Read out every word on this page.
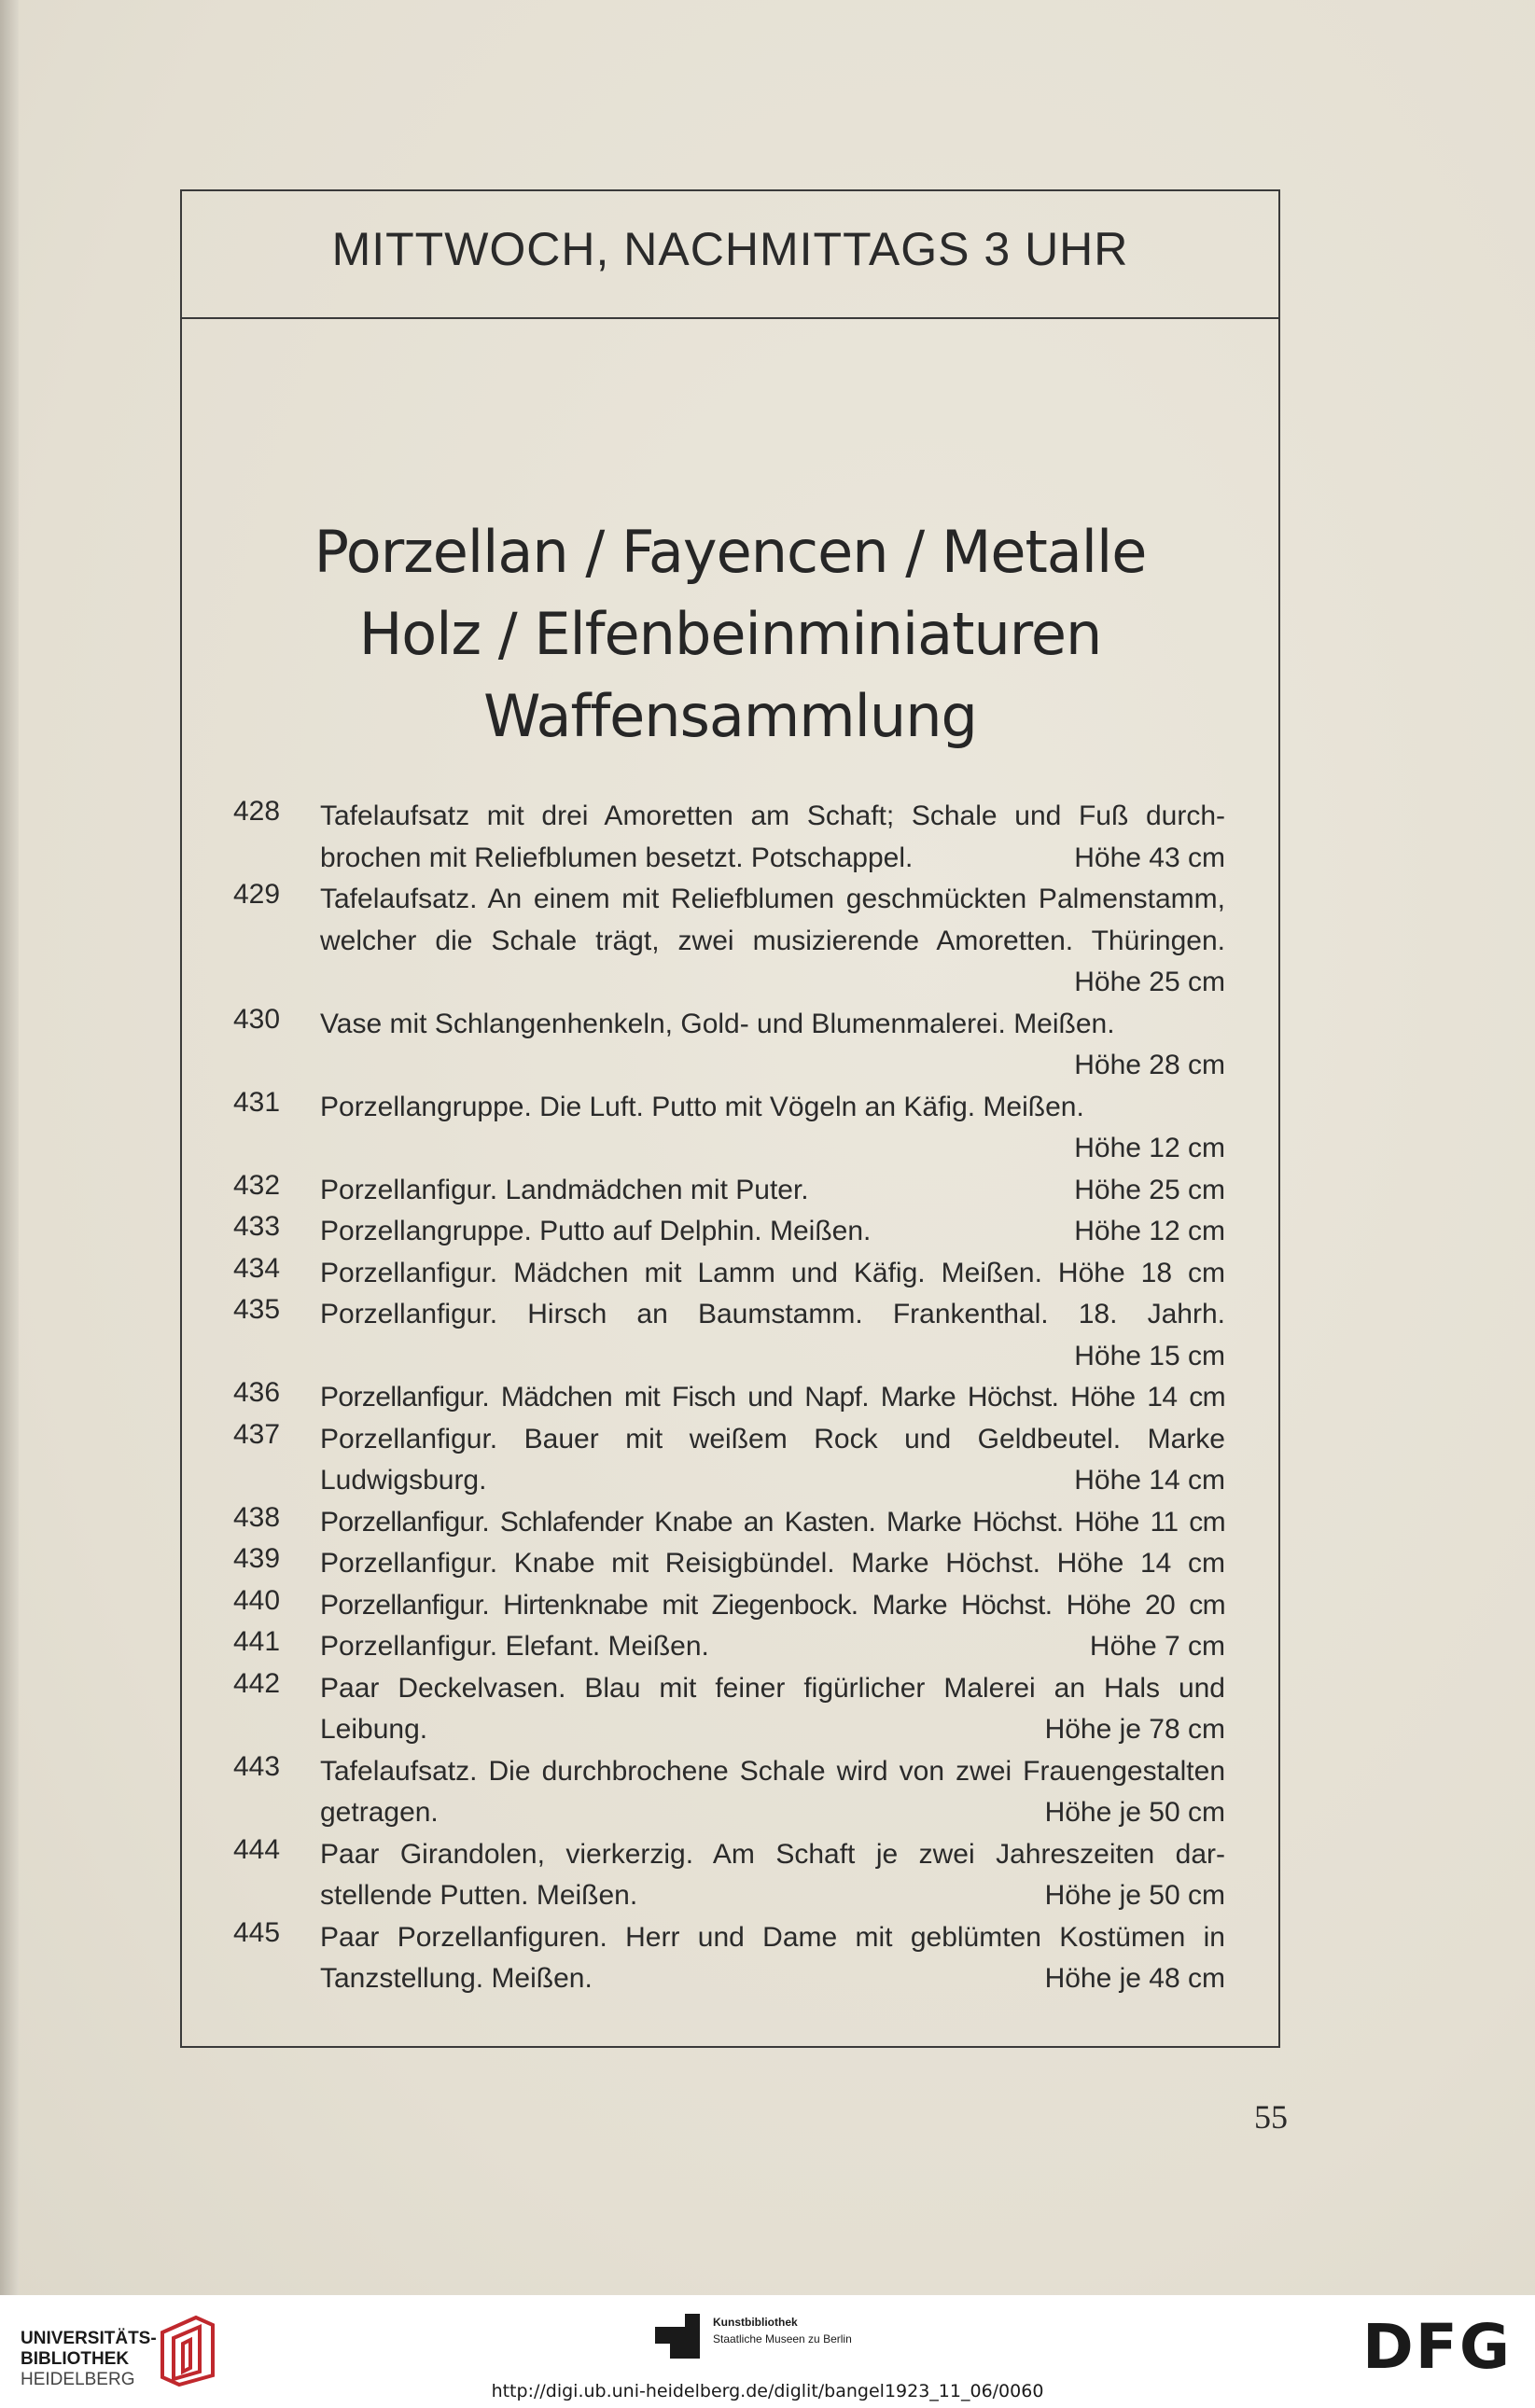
MITTWOCH, NACHMITTAGS 3 UHR
Porzellan / Fayencen / Metalle
Holz / Elfenbeinminiaturen
Waffensammlung
428	Tafelaufsatz mit drei Amoretten am Schaft; Schale und Fuß durch-
brochen mit Reliefblumen besetzt. Potschappel.	Höhe 43 cm
429	Tafelaufsatz. An einem mit Reliefblumen geschmückten Palmenstamm,
welcher die Schale trägt, zwei musizierende Amoretten. Thüringen.
Höhe 25 cm
430	Vase mit Schlangenhenkeln, Gold- und Blumenmalerei. Meißen.
Höhe 28 cm
431	Porzellangruppe. Die Luft. Putto mit Vögeln an Käfig. Meißen.
Höhe 12 cm
432	Porzellanfigur. Landmädchen mit Puter.	Höhe 25 cm
433	Porzellangruppe. Putto auf Delphin. Meißen.	Höhe 12 cm
434	Porzellanfigur. Mädchen mit Lamm und Käfig. Meißen. Höhe 18 cm
435	Porzellanfigur. Hirsch an Baumstamm. Frankenthal. 18. Jahrh.
Höhe 15 cm
436	Porzellanfigur. Mädchen mit Fisch und Napf. Marke Höchst. Höhe 14 cm
437	Porzellanfigur. Bauer mit weißem Rock und Geldbeutel. Marke
Ludwigsburg.	Höhe 14 cm
438	Porzellanfigur. Schlafender Knabe an Kasten. Marke Höchst. Höhe 11 cm
439	Porzellanfigur. Knabe mit Reisigbündel. Marke Höchst. Höhe 14 cm
440	Porzellanfigur. Hirtenknabe mit Ziegenbock. Marke Höchst. Höhe 20 cm
441	Porzellanfigur. Elefant. Meißen.	Höhe 7 cm
442	Paar Deckelvasen. Blau mit feiner figürlicher Malerei an Hals und
Leibung.	Höhe je 78 cm
443	Tafelaufsatz. Die durchbrochene Schale wird von zwei Frauengestalten
getragen.	Höhe je 50 cm
444	Paar Girandolen, vierkerzig. Am Schaft je zwei Jahreszeiten dar-
stellende Putten. Meißen.	Höhe je 50 cm
445	Paar Porzellanfiguren. Herr und Dame mit geblümten Kostümen in
Tanzstellung. Meißen.	Höhe je 48 cm
55
UNIVERSITÄTS-
BIBLIOTHEK
HEIDELBERG
Kunstbibliothek
Staatliche Museen zu Berlin	DFG
http://digi.ub.uni-heidelberg.de/diglit/bangel1923_11_06/0060
